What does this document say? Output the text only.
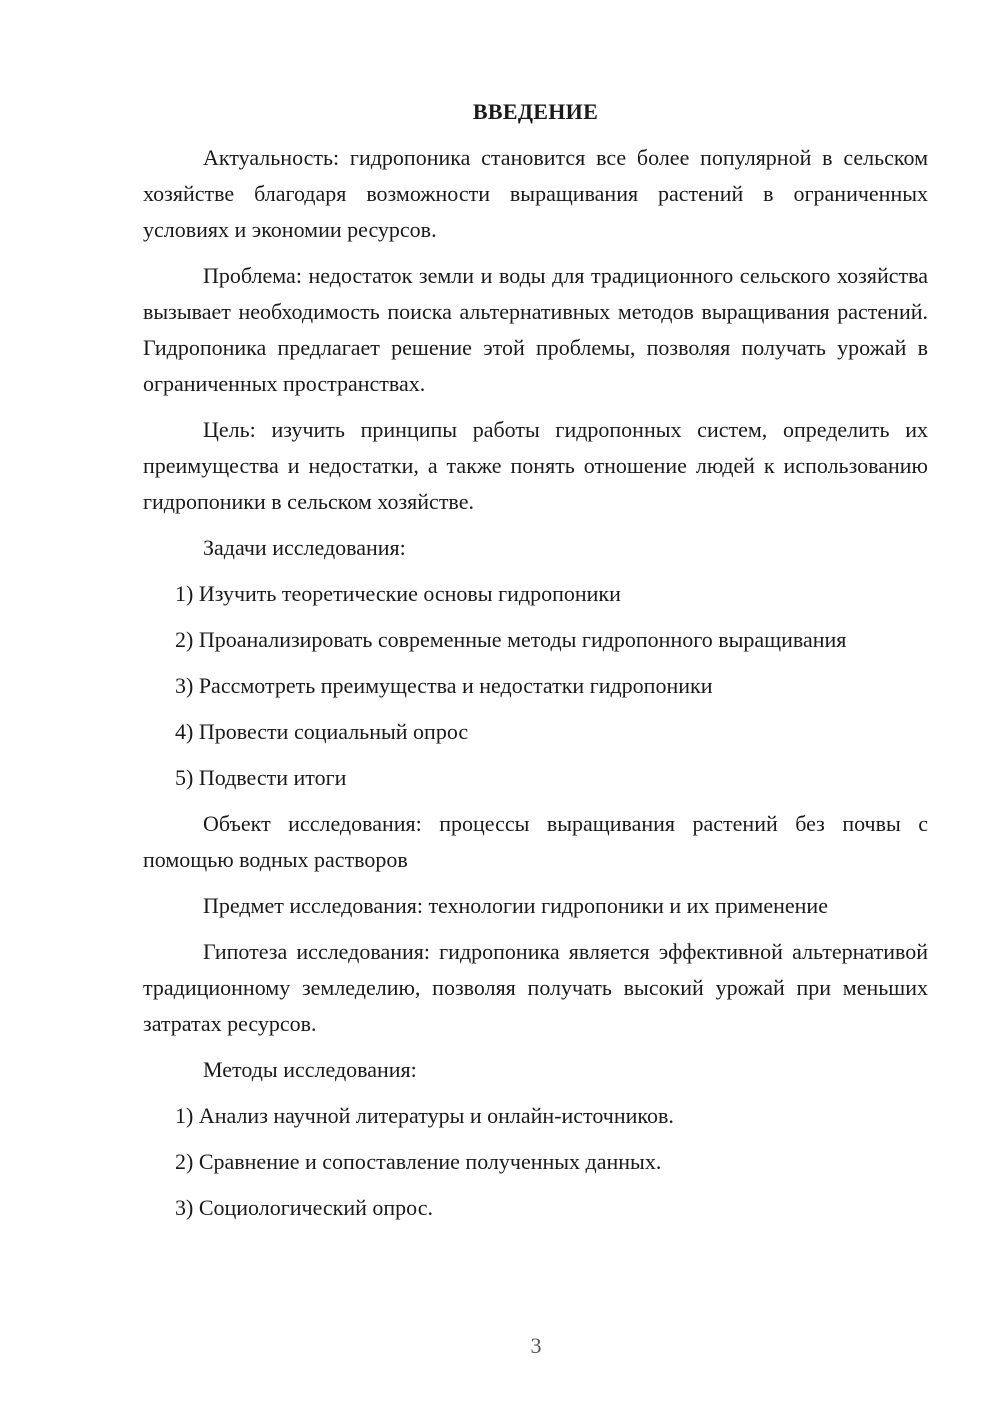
ВВЕДЕНИЕ

Актуальность: гидропоника становится все более популярной в сельском хозяйстве благодаря возможности выращивания растений в ограниченных условиях и экономии ресурсов.

Проблема: недостаток земли и воды для традиционного сельского хозяйства вызывает необходимость поиска альтернативных методов выращивания растений. Гидропоника предлагает решение этой проблемы, позволяя получать урожай в ограниченных пространствах.

Цель: изучить принципы работы гидропонных систем, определить их преимущества и недостатки, а также понять отношение людей к использованию гидропоники в сельском хозяйстве.

Задачи исследования:

1) Изучить теоретические основы гидропоники

2) Проанализировать современные методы гидропонного выращивания

3) Рассмотреть преимущества и недостатки гидропоники

4) Провести социальный опрос

5) Подвести итоги

Объект исследования: процессы выращивания растений без почвы с помощью водных растворов

Предмет исследования: технологии гидропоники и их применение

Гипотеза исследования: гидропоника является эффективной альтернативой традиционному земледелию, позволяя получать высокий урожай при меньших затратах ресурсов.

Методы исследования:

1) Анализ научной литературы и онлайн-источников.

2) Сравнение и сопоставление полученных данных.

3) Социологический опрос.

3
